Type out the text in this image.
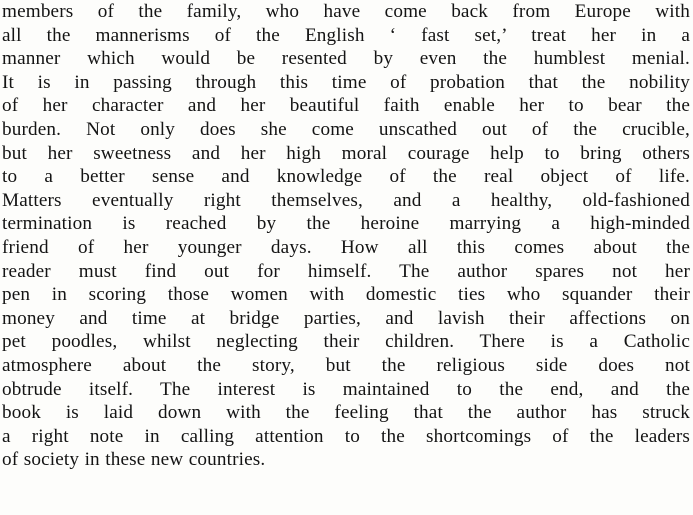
members of the family, who have come back from Europe with
all the mannerisms of the English ‘ fast set,’ treat her in a
manner which would be resented by even the humblest menial.
It is in passing through this time of probation that the nobility
of her character and her beautiful faith enable her to bear the
burden. Not only does she come unscathed out of the crucible,
but her sweetness and her high moral courage help to bring others
to a better sense and knowledge of the real object of life.
Matters eventually right themselves, and a healthy, old-fashioned
termination is reached by the heroine marrying a high-minded
friend of her younger days. How all this comes about the
reader must find out for himself. The author spares not her
pen in scoring those women with domestic ties who squander their
money and time at bridge parties, and lavish their affections on
pet poodles, whilst neglecting their children. There is a Catholic
atmosphere about the story, but the religious side does not
obtrude itself. The interest is maintained to the end, and the
book is laid down with the feeling that the author has struck
a right note in calling attention to the shortcomings of the leaders
of society in these new countries.
